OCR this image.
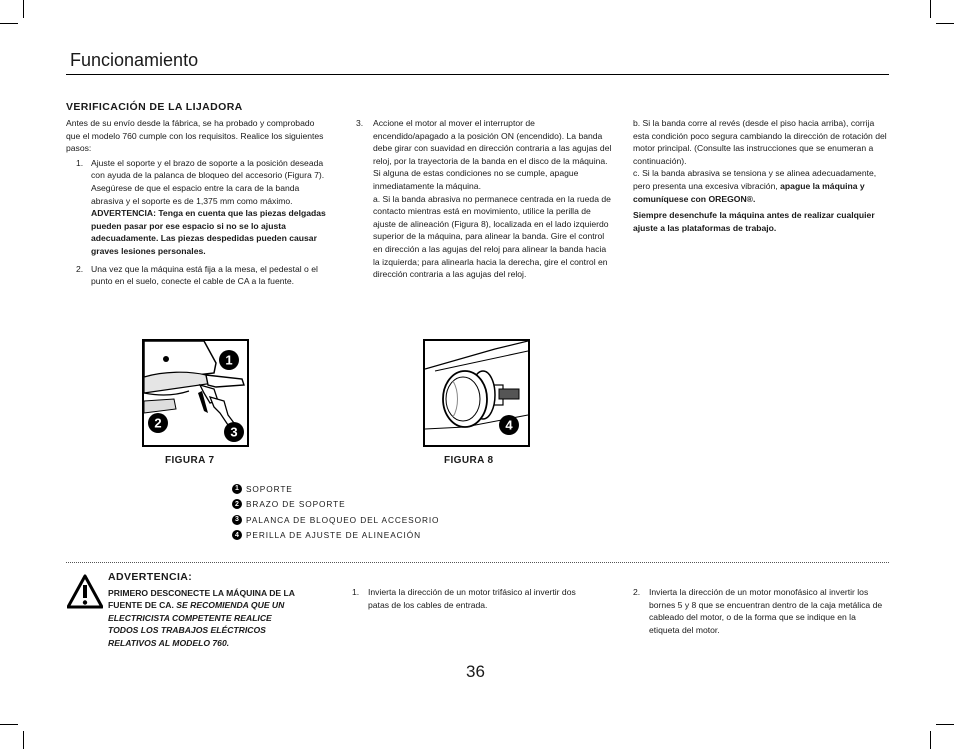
Funcionamiento
VERIFICACIÓN DE LA LIJADORA
Antes de su envío desde la fábrica, se ha probado y comprobado que el modelo 760 cumple con los requisitos. Realice los siguientes pasos:
1. Ajuste el soporte y el brazo de soporte a la posición deseada con ayuda de la palanca de bloqueo del accesorio (Figura 7). Asegúrese de que el espacio entre la cara de la banda abrasiva y el soporte es de 1,375 mm como máximo. ADVERTENCIA: Tenga en cuenta que las piezas delgadas pueden pasar por ese espacio si no se lo ajusta adecuadamente. Las piezas despedidas pueden causar graves lesiones personales.
2. Una vez que la máquina está fija a la mesa, el pedestal o el punto en el suelo, conecte el cable de CA a la fuente.
3.	Accione el motor al mover el interruptor de encendido/apagado a la posición ON (encendido). La banda debe girar con suavidad en dirección contraria a las agujas del reloj, por la trayectoria de la banda en el disco de la máquina. Si alguna de estas condiciones no se cumple, apague inmediatamente la máquina.
a. Si la banda abrasiva no permanece centrada en la rueda de contacto mientras está en movimiento, utilice la perilla de ajuste de alineación (Figura 8), localizada en el lado izquierdo superior de la máquina, para alinear la banda. Gire el control en dirección a las agujas del reloj para alinear la banda hacia la izquierda; para alinearla hacia la derecha, gire el control en dirección contraria a las agujas del reloj.
b. Si la banda corre al revés (desde el piso hacia arriba), corrija esta condición poco segura cambiando la dirección de rotación del motor principal. (Consulte las instrucciones que se enumeran a continuación).
c. Si la banda abrasiva se tensiona y se alinea adecuadamente, pero presenta una excesiva vibración, apague la máquina y comuníquese con OREGON®.
Siempre desenchufe la máquina antes de realizar cualquier ajuste a las plataformas de trabajo.
1
2
3	4
FIGURA 7	FIGURA 8
1 SOPORTE
2 BRAZO DE SOPORTE
3 PALANCA DE BLOQUEO DEL ACCESORIO
4 PERILLA DE AJUSTE DE ALINEACIÓN
ADVERTENCIA:
PRIMERO DESCONECTE LA MÁQUINA DE LA FUENTE DE CA. SE RECOMIENDA QUE UN ELECTRICISTA COMPETENTE REALICE TODOS LOS TRABAJOS ELÉCTRICOS RELATIVOS AL MODELO 760.
1.	Invierta la dirección de un motor trifásico al invertir dos patas de los cables de entrada.
2.	Invierta la dirección de un motor monofásico al invertir los bornes 5 y 8 que se encuentran dentro de la caja metálica de cableado del motor, o de la forma que se indique en la etiqueta del motor.
36
